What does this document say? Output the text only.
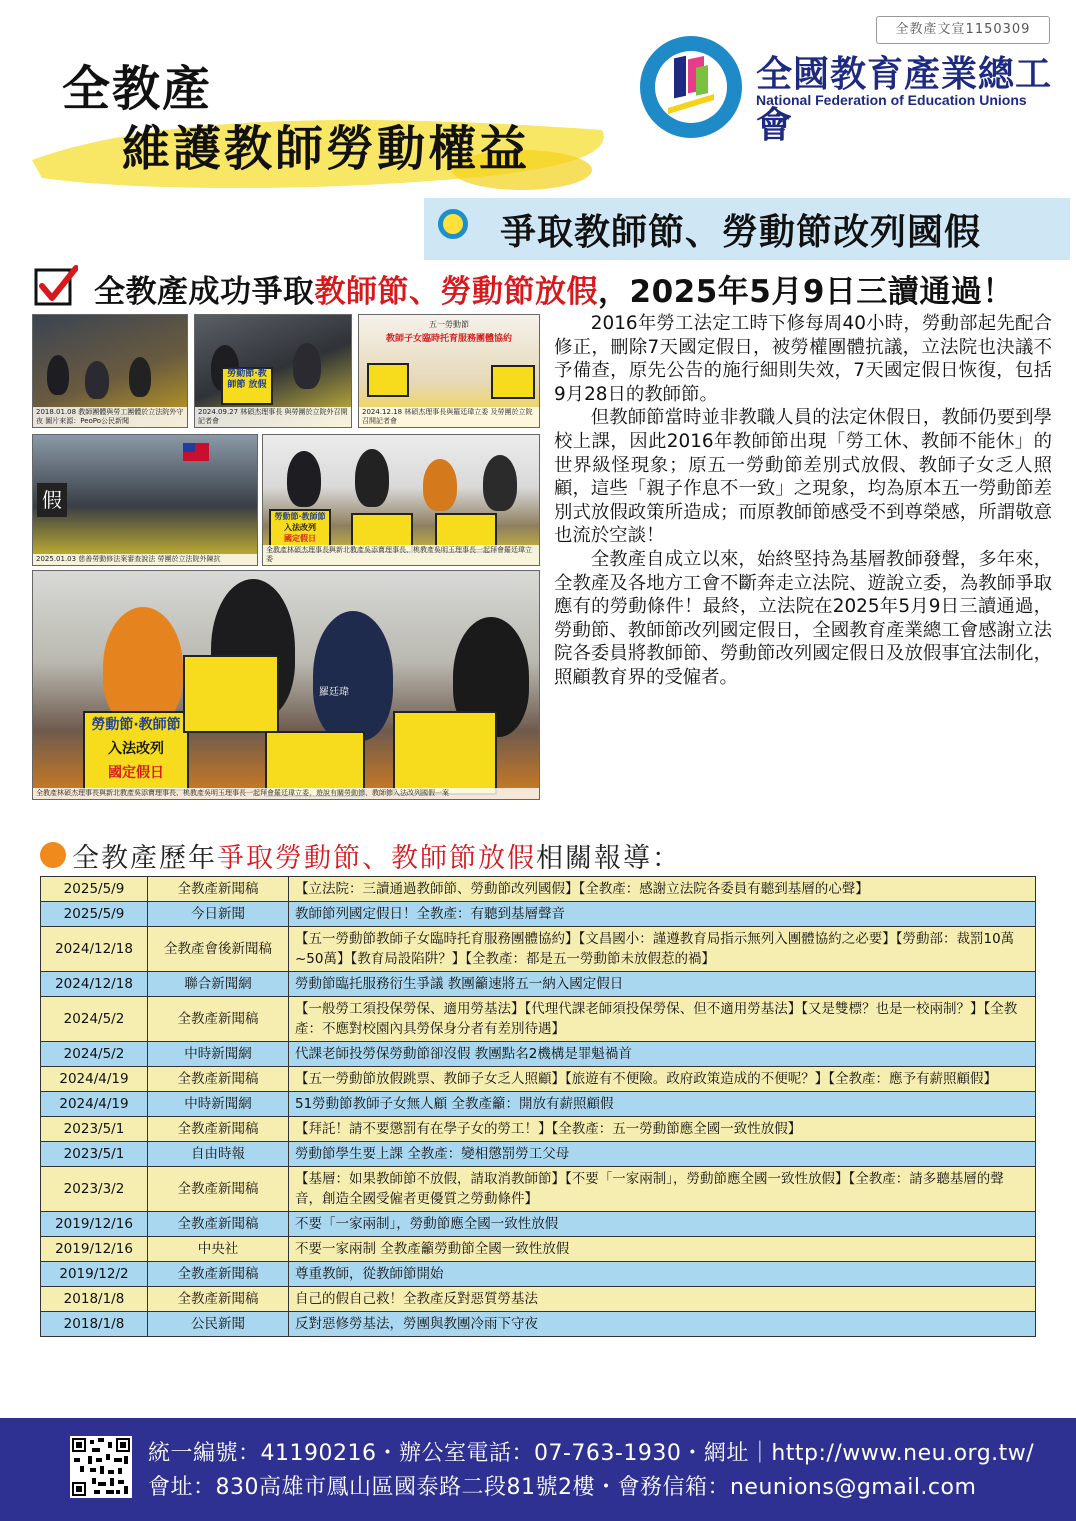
全教產文宣1150309
全教產
維護教師勞動權益
全國教育產業總工會
National Federation of Education Unions
爭取教師節、勞動節改列國假
全教產成功爭取教師節、勞動節放假，2025年5月9日三讀通過！
2018.01.08 教師團體與勞工團體於立法院外守夜 圖片來源：PeoPo公民新聞
勞動節·教師節 放假
2024.09.27 林碩杰理事長 與勞團於立院外召開記者會
五一勞動節
教師子女臨時托育服務團體協約
2024.12.18 林碩杰理事長與羅廷瑋立委 及勞團於立院召開記者會
假
2025.01.03 慈善勞動修法案審查說法 勞團於立法院外陳抗
勞動節·教師節
入法改列
國定假日
全教產林碩杰理事長與新北教產吳添寶理事長、桃教產吳明玉理事長一起拜會羅廷瑋立委
羅廷瑋
勞動節·教師節
入法改列
國定假日
全教產林碩杰理事長與新北教產吳添寶理事長、桃教產吳明玉理事長一起拜會羅廷瑋立委，遊說有關勞動節、教師節入法改列國假一案

2016年勞工法定工時下修每周40小時，勞動部起先配合修正，刪除7天國定假日，被勞權團體抗議，立法院也決議不予備查，原先公告的施行細則失效，7天國定假日恢復，包括9月28日的教師節。

但教師節當時並非教職人員的法定休假日，教師仍要到學校上課，因此2016年教師節出現「勞工休、教師不能休」的世界級怪現象；原五一勞動節差別式放假、教師子女乏人照顧，這些「親子作息不一致」之現象，均為原本五一勞動節差別式放假政策所造成；而原教師節感受不到尊榮感，所謂敬意也流於空談！

全教產自成立以來，始終堅持為基層教師發聲，多年來，全教產及各地方工會不斷奔走立法院、遊說立委，為教師爭取應有的勞動條件！最終，立法院在2025年5月9日三讀通過，勞動節、教師節改列國定假日，全國教育產業總工會感謝立法院各委員將教師節、勞動節改列國定假日及放假事宜法制化，照顧教育界的受僱者。

全教產歷年爭取勞動節、教師節放假相關報導：
2025/5/9	全教產新聞稿	【立法院：三讀通過教師節、勞動節改列國假】【全教產：感謝立法院各委員有聽到基層的心聲】
2025/5/9	今日新聞	教師節列國定假日！全教產：有聽到基層聲音
2024/12/18	全教產會後新聞稿	【五一勞動節教師子女臨時托育服務團體協約】【文昌國小：謹遵教育局指示無列入團體協約之必要】【勞動部：裁罰10萬~50萬】【教育局設陷阱？】【全教產：都是五一勞動節未放假惹的禍】
2024/12/18	聯合新聞網	勞動節臨托服務衍生爭議 教團籲速將五一納入國定假日
2024/5/2	全教產新聞稿	【一般勞工須投保勞保、適用勞基法】【代理代課老師須投保勞保、但不適用勞基法】【又是雙標？也是一校兩制？】【全教產：不應對校園內具勞保身分者有差別待遇】
2024/5/2	中時新聞網	代課老師投勞保勞動節卻沒假 教團點名2機構是罪魁禍首
2024/4/19	全教產新聞稿	【五一勞動節放假跳票、教師子女乏人照顧】【旅遊有不便險。政府政策造成的不便呢？】【全教產：應予有薪照顧假】
2024/4/19	中時新聞網	51勞動節教師子女無人顧 全教產籲：開放有薪照顧假
2023/5/1	全教產新聞稿	【拜託！請不要懲罰有在學子女的勞工！】【全教產：五一勞動節應全國一致性放假】
2023/5/1	自由時報	勞動節學生要上課 全教產：變相懲罰勞工父母
2023/3/2	全教產新聞稿	【基層：如果教師節不放假，請取消教師節】【不要「一家兩制」，勞動節應全國一致性放假】【全教產：請多聽基層的聲音，創造全國受僱者更優質之勞動條件】
2019/12/16	全教產新聞稿	不要「一家兩制」，勞動節應全國一致性放假
2019/12/16	中央社	不要一家兩制 全教產籲勞動節全國一致性放假
2019/12/2	全教產新聞稿	尊重教師，從教師節開始
2018/1/8	全教產新聞稿	自己的假自己救！全教產反對惡質勞基法
2018/1/8	公民新聞	反對惡修勞基法，勞團與教團冷雨下守夜
統一編號：41190216・辦公室電話：07-763-1930・網址｜http://www.neu.org.tw/
會址：830高雄市鳳山區國泰路二段81號2樓・會務信箱：neunions@gmail.com
